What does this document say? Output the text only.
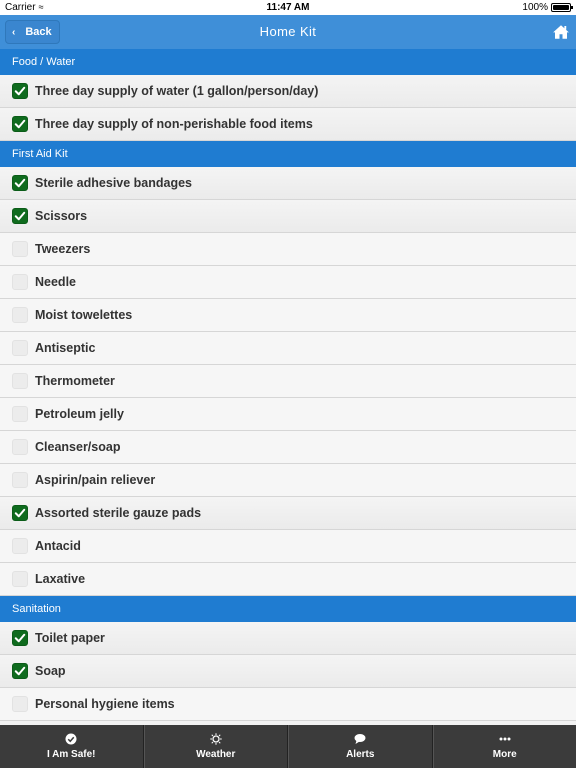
Carrier ≈	11:47 AM	100%
‹ Back	Home Kit
Food / Water
Three day supply of water (1 gallon/person/day)
Three day supply of non-perishable food items
First Aid Kit
Sterile adhesive bandages
Scissors
Tweezers
Needle
Moist towelettes
Antiseptic
Thermometer
Petroleum jelly
Cleanser/soap
Aspirin/pain reliever
Assorted sterile gauze pads
Antacid
Laxative
Sanitation
Toilet paper
Soap
Personal hygiene items
I Am Safe!	Weather	Alerts	More
